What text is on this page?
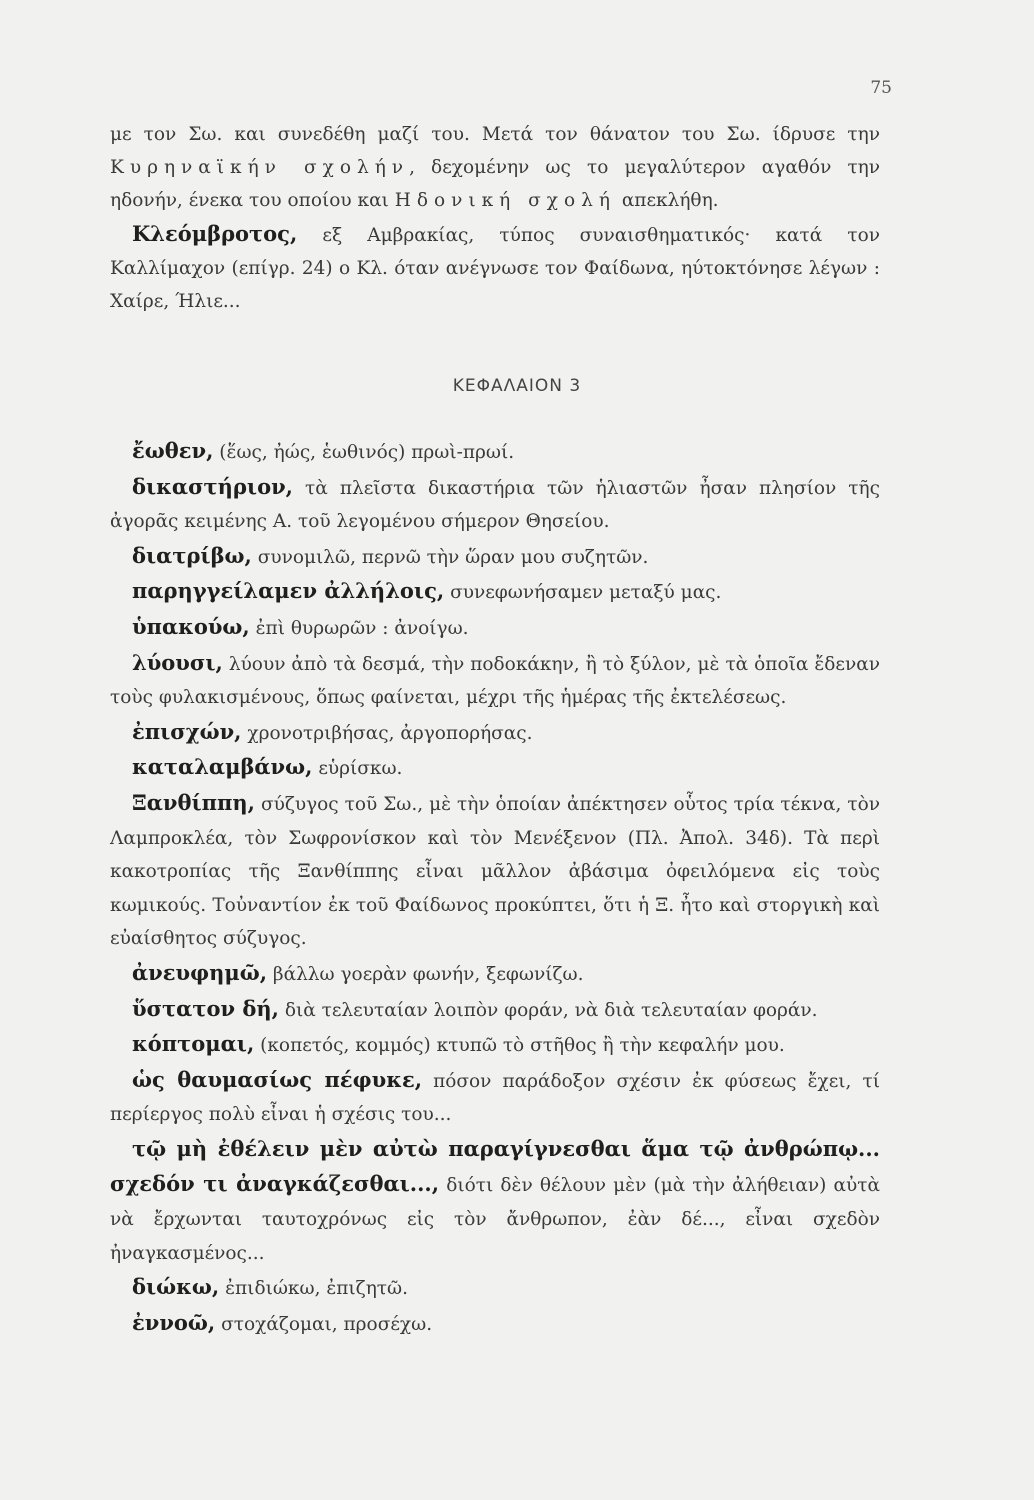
75

με τον Σω. και συνεδέθη μαζί του. Μετά τον θάνατον του Σω. ίδρυσε την Κυρηναϊκήν σχολήν, δεχομένην ως το μεγαλύτερον αγαθόν την ηδονήν, ένεκα του οποίου και Ηδονική σχολή απεκλήθη.

Κλεόμβροτος, εξ Αμβρακίας, τύπος συναισθηματικός· κατά τον Καλλίμαχον (επίγρ. 24) ο Κλ. όταν ανέγνωσε τον Φαίδωνα, ηύτοκτόνησε λέγων : Χαίρε, Ήλιε...

ΚΕΦΑΛΑΙΟΝ 3

ἔωθεν, (ἕως, ἠώς, ἑωθινός) πρωὶ-πρωί.

δικαστήριον, τὰ πλεῖστα δικαστήρια τῶν ἡλιαστῶν ἦσαν πλησίον τῆς ἀγορᾶς κειμένης Α. τοῦ λεγομένου σήμερον Θησείου.

διατρίβω, συνομιλῶ, περνῶ τὴν ὥραν μου συζητῶν.

παρηγγείλαμεν ἀλλήλοις, συνεφωνήσαμεν μεταξύ μας.

ὑπακούω, ἐπὶ θυρωρῶν : ἀνοίγω.

λύουσι, λύουν ἀπὸ τὰ δεσμά, τὴν ποδοκάκην, ἢ τὸ ξύλον, μὲ τὰ ὁποῖα ἔδεναν τοὺς φυλακισμένους, ὅπως φαίνεται, μέχρι τῆς ἡμέρας τῆς ἐκτελέσεως.

ἐπισχών, χρονοτριβήσας, ἀργοπορήσας.

καταλαμβάνω, εὑρίσκω.

Ξανθίππη, σύζυγος τοῦ Σω., μὲ τὴν ὁποίαν ἀπέκτησεν οὗτος τρία τέκνα, τὸν Λαμπροκλέα, τὸν Σωφρονίσκον καὶ τὸν Μενέξενον (Πλ. Ἀπολ. 34δ). Τὰ περὶ κακοτροπίας τῆς Ξανθίππης εἶναι μᾶλλον ἀβάσιμα ὀφειλόμενα εἰς τοὺς κωμικούς. Τοὐναντίον ἐκ τοῦ Φαίδωνος προκύπτει, ὅτι ἡ Ξ. ἦτο καὶ στοργικὴ καὶ εὐαίσθητος σύζυγος.

ἀνευφημῶ, βάλλω γοερὰν φωνήν, ξεφωνίζω.

ὕστατον δή, διὰ τελευταίαν λοιπὸν φοράν, νὰ διὰ τελευταίαν φοράν.

κόπτομαι, (κοπετός, κομμός) κτυπῶ τὸ στῆθος ἢ τὴν κεφαλήν μου.

ὡς θαυμασίως πέφυκε, πόσον παράδοξον σχέσιν ἐκ φύσεως ἔχει, τί περίεργος πολὺ εἶναι ἡ σχέσις του...

τῷ μὴ ἐθέλειν μὲν αὐτὼ παραγίγνεσθαι ἅμα τῷ ἀνθρώπῳ... σχεδόν τι ἀναγκάζεσθαι..., διότι δὲν θέλουν μὲν (μὰ τὴν ἀλήθειαν) αὐτὰ νὰ ἔρχωνται ταυτοχρόνως εἰς τὸν ἄνθρωπον, ἐὰν δέ..., εἶναι σχεδὸν ἠναγκασμένος...

διώκω, ἐπιδιώκω, ἐπιζητῶ.

ἐννοῶ, στοχάζομαι, προσέχω.
